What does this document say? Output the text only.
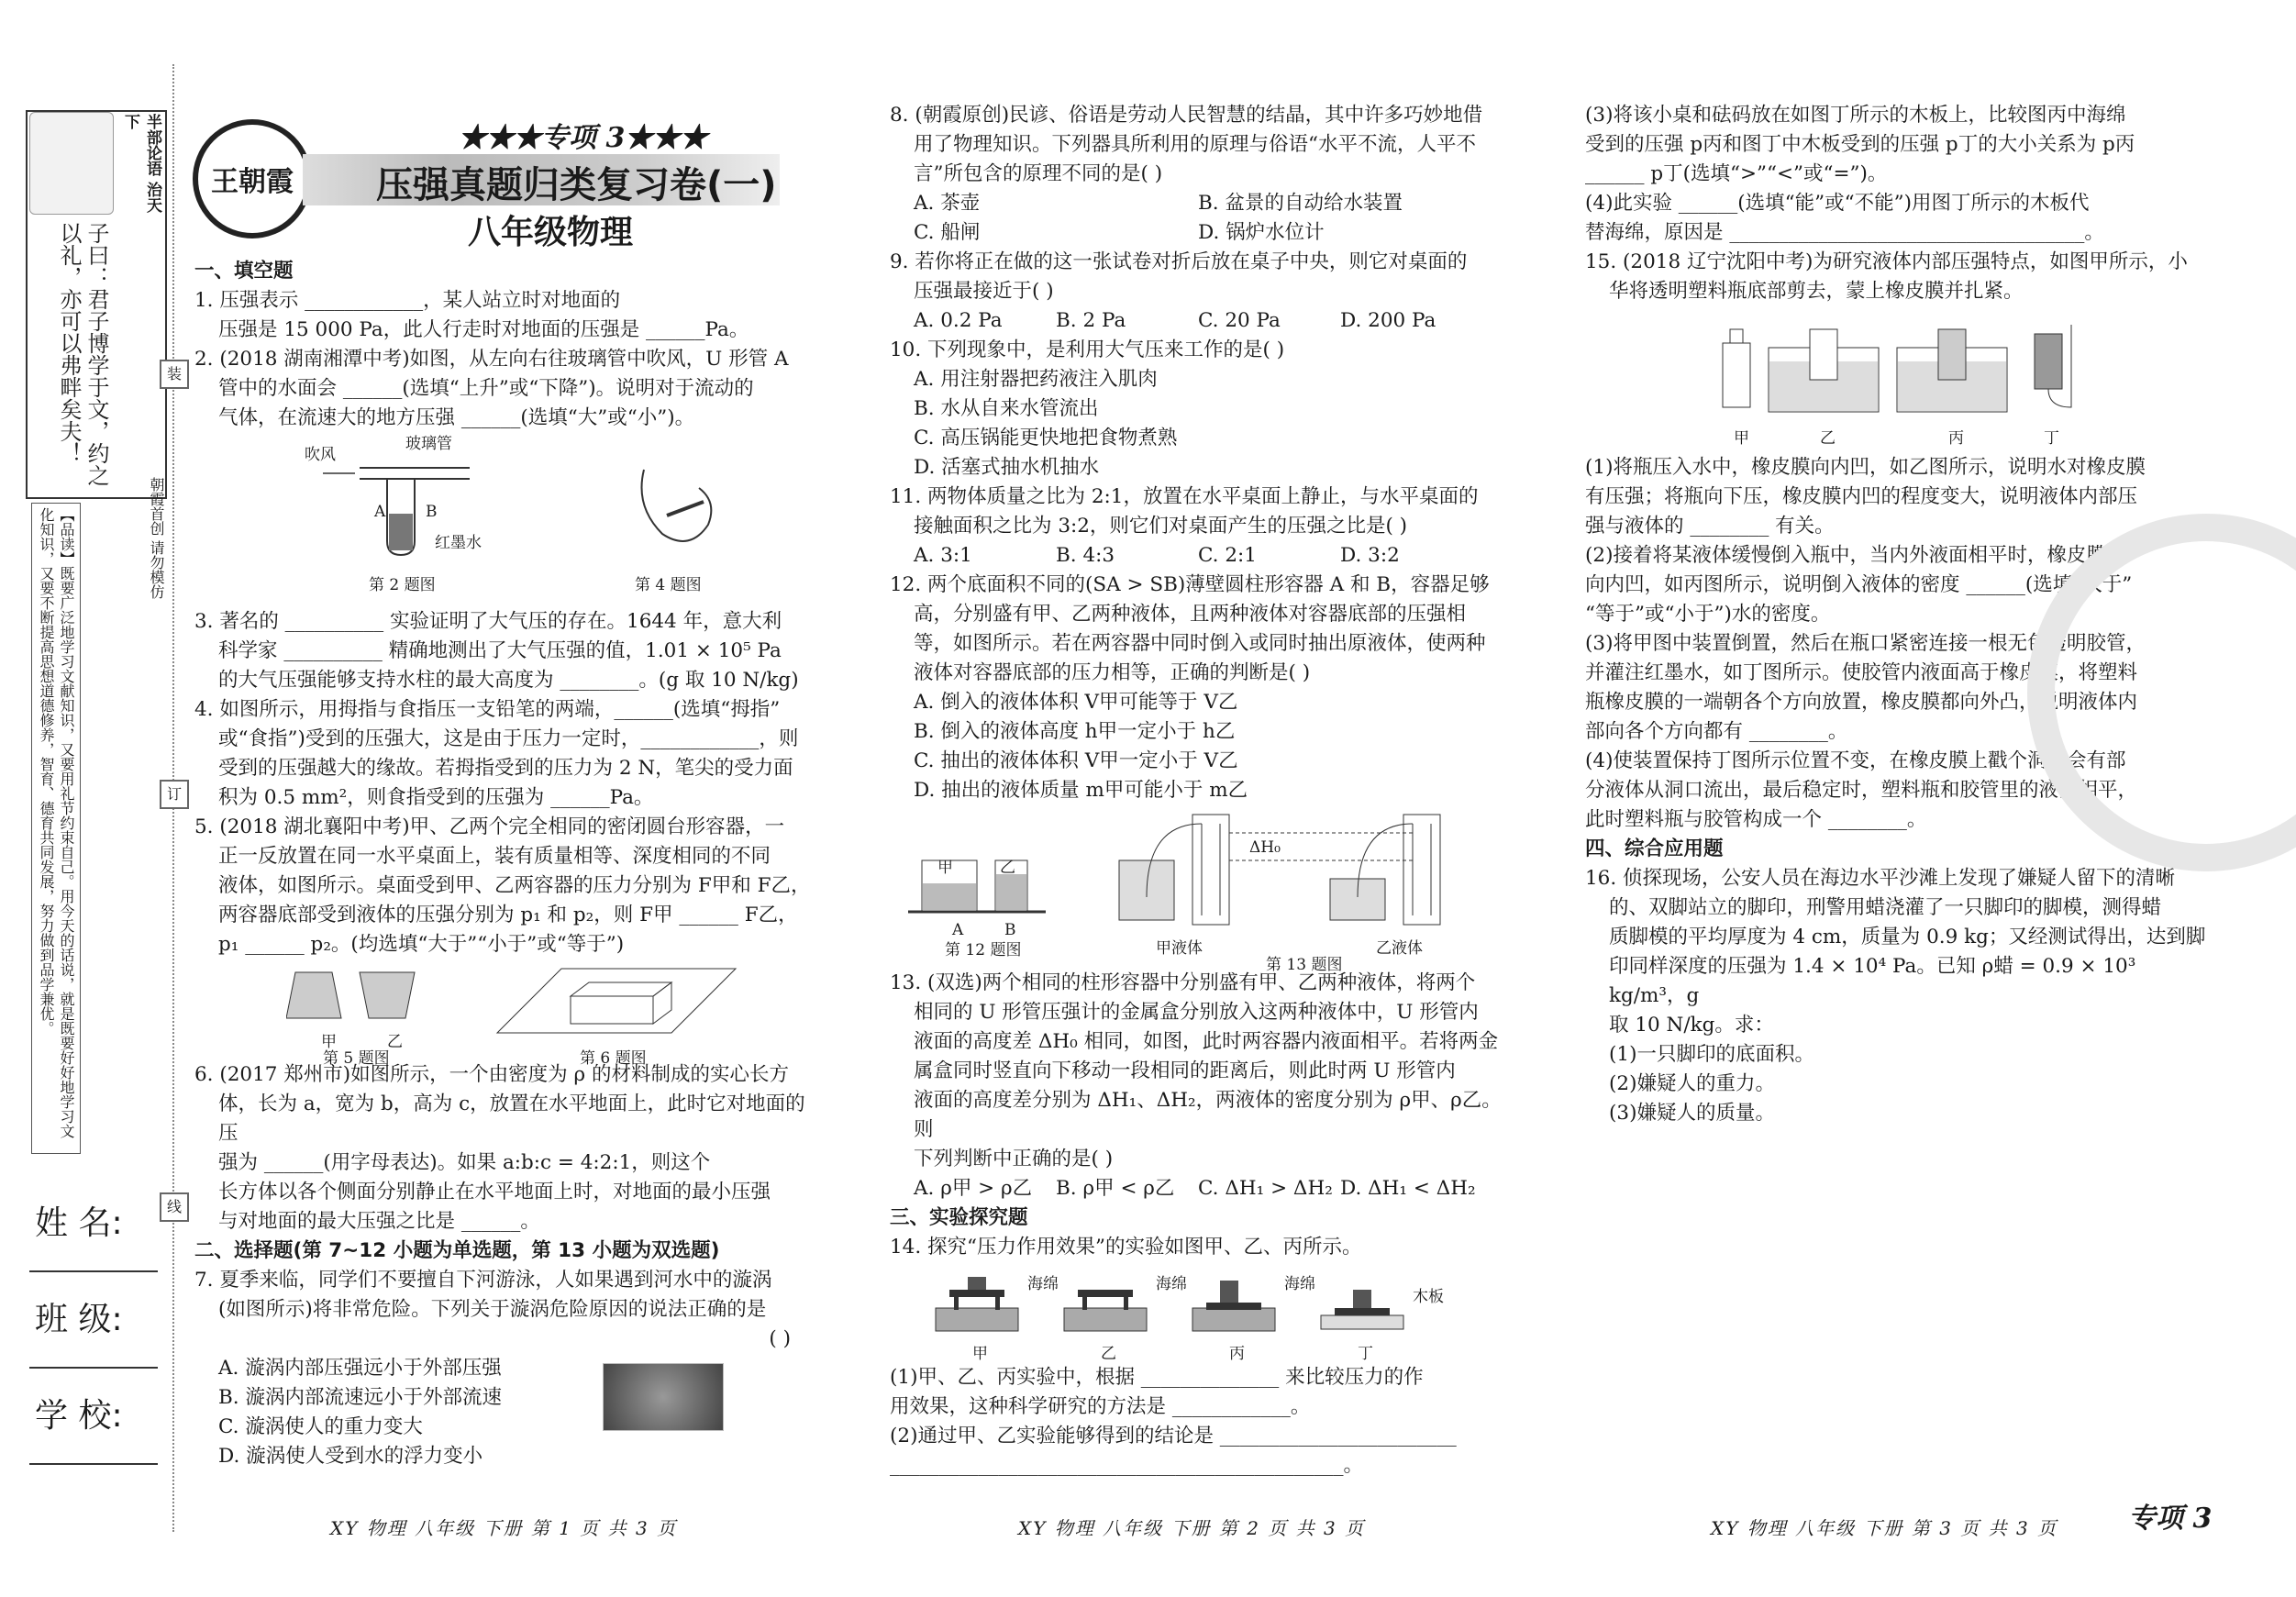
半部论语 治天下
子曰：君子博学于文，约之以礼，亦可以弗畔矣夫！
【品读】既要广泛地学习文献知识，又要用礼节约束自己。用今天的话说，就是既要好好地学习文化知识，又要不断提高思想道德修养，智育、德育共同发展，努力做到品学兼优。	朝霞首创 请勿模仿
装
订
线
姓 名:
班 级:
学 校:
王朝霞
★★★专项 3★★★
压强真题归类复习卷(一)
八年级物理

一、填空题

1. 压强表示 ____________，某人站立时对地面的

压强是 15 000 Pa，此人行走时对地面的压强是 ______Pa。

2. (2018 湖南湘潭中考)如图，从左向右往玻璃管中吹风，U 形管 A

管中的水面会 ______(选填“上升”或“下降”)。说明对于流动的

气体，在流速大的地方压强 ______(选填“大”或“小”)。

吹风
玻璃管
A	B
红墨水
第 2 题图	第 4 题图

3. 著名的 __________ 实验证明了大气压的存在。1644 年，意大利

科学家 __________ 精确地测出了大气压强的值，1.01 × 10⁵ Pa

的大气压强能够支持水柱的最大高度为 ________。(g 取 10 N/kg)

4. 如图所示，用拇指与食指压一支铅笔的两端，______(选填“拇指”

或“食指”)受到的压强大，这是由于压力一定时，____________，则

受到的压强越大的缘故。若拇指受到的压力为 2 N，笔尖的受力面

积为 0.5 mm²，则食指受到的压强为 ______Pa。

5. (2018 湖北襄阳中考)甲、乙两个完全相同的密闭圆台形容器，一

正一反放置在同一水平桌面上，装有质量相等、深度相同的不同

液体，如图所示。桌面受到甲、乙两容器的压力分别为 F甲和 F乙，

两容器底部受到液体的压强分别为 p₁ 和 p₂，则 F甲 ______ F乙，

p₁ ______ p₂。(均选填“大于”“小于”或“等于”)

甲	乙
第 5 题图	第 6 题图

6. (2017 郑州市)如图所示，一个由密度为 ρ 的材料制成的实心长方

体，长为 a，宽为 b，高为 c，放置在水平地面上，此时它对地面的压

强为 ______(用字母表达)。如果 a:b:c = 4:2:1，则这个

长方体以各个侧面分别静止在水平地面上时，对地面的最小压强

与对地面的最大压强之比是 ______。

二、选择题(第 7~12 小题为单选题，第 13 小题为双选题)

7. 夏季来临，同学们不要擅自下河游泳，人如果遇到河水中的漩涡

(如图所示)将非常危险。下列关于漩涡危险原因的说法正确的是

( )

A. 漩涡内部压强远小于外部压强

B. 漩涡内部流速远小于外部流速

C. 漩涡使人的重力变大

D. 漩涡使人受到水的浮力变小

8. (朝霞原创)民谚、俗语是劳动人民智慧的结晶，其中许多巧妙地借

用了物理知识。下列器具所利用的原理与俗语“水平不流，人平不

言”所包含的原理不同的是( )

A. 茶壶	B. 盆景的自动给水装置

C. 船闸	D. 锅炉水位计

9. 若你将正在做的这一张试卷对折后放在桌子中央，则它对桌面的

压强最接近于( )

A. 0.2 Pa	B. 2 Pa	C. 20 Pa	D. 200 Pa

10. 下列现象中，是利用大气压来工作的是( )

A. 用注射器把药液注入肌肉

B. 水从自来水管流出

C. 高压锅能更快地把食物煮熟

D. 活塞式抽水机抽水

11. 两物体质量之比为 2:1，放置在水平桌面上静止，与水平桌面的

接触面积之比为 3:2，则它们对桌面产生的压强之比是( )

A. 3:1	B. 4:3	C. 2:1	D. 3:2

12. 两个底面积不同的(SA > SB)薄壁圆柱形容器 A 和 B，容器足够

高，分别盛有甲、乙两种液体，且两种液体对容器底部的压强相

等，如图所示。若在两容器中同时倒入或同时抽出原液体，使两种

液体对容器底部的压力相等，正确的判断是( )

A. 倒入的液体体积 V甲可能等于 V乙

B. 倒入的液体高度 h甲一定小于 h乙

C. 抽出的液体体积 V甲一定小于 V乙

D. 抽出的液体质量 m甲可能小于 m乙

甲	乙
A	B
第 12 题图
ΔH₀
甲液体	乙液体
第 13 题图

13. (双选)两个相同的柱形容器中分别盛有甲、乙两种液体，将两个

相同的 U 形管压强计的金属盒分别放入这两种液体中，U 形管内

液面的高度差 ΔH₀ 相同，如图，此时两容器内液面相平。若将两金

属盒同时竖直向下移动一段相同的距离后，则此时两 U 形管内

液面的高度差分别为 ΔH₁、ΔH₂，两液体的密度分别为 ρ甲、ρ乙。则

下列判断中正确的是( )

A. ρ甲 > ρ乙 B. ρ甲 < ρ乙 C. ΔH₁ > ΔH₂ D. ΔH₁ < ΔH₂

三、实验探究题

14. 探究“压力作用效果”的实验如图甲、乙、丙所示。

海绵	海绵	海绵
木板
甲	乙	丙	丁

(1)甲、乙、丙实验中，根据 ______________ 来比较压力的作

用效果，这种科学研究的方法是 ____________。

(2)通过甲、乙实验能够得到的结论是 ________________________

______________________________________________。

(3)将该小桌和砝码放在如图丁所示的木板上，比较图丙中海绵

受到的压强 p丙和图丁中木板受到的压强 p丁的大小关系为 p丙

______ p丁(选填“>”“<”或“=”)。

(4)此实验 ______(选填“能”或“不能”)用图丁所示的木板代

替海绵，原因是 ____________________________________。

15. (2018 辽宁沈阳中考)为研究液体内部压强特点，如图甲所示，小

华将透明塑料瓶底部剪去，蒙上橡皮膜并扎紧。

甲	乙	丙	丁

(1)将瓶压入水中，橡皮膜向内凹，如乙图所示，说明水对橡皮膜

有压强；将瓶向下压，橡皮膜内凹的程度变大，说明液体内部压

强与液体的 ________ 有关。

(2)接着将某液体缓慢倒入瓶中，当内外液面相平时，橡皮膜仍

向内凹，如丙图所示，说明倒入液体的密度 ______(选填“大于”

“等于”或“小于”)水的密度。

(3)将甲图中装置倒置，然后在瓶口紧密连接一根无色透明胶管，

并灌注红墨水，如丁图所示。使胶管内液面高于橡皮膜，将塑料

瓶橡皮膜的一端朝各个方向放置，橡皮膜都向外凸，说明液体内

部向各个方向都有 ________。

(4)使装置保持丁图所示位置不变，在橡皮膜上戳个洞，会有部

分液体从洞口流出，最后稳定时，塑料瓶和胶管里的液面相平，

此时塑料瓶与胶管构成一个 ________。

四、综合应用题

16. 侦探现场，公安人员在海边水平沙滩上发现了嫌疑人留下的清晰

的、双脚站立的脚印，刑警用蜡浇灌了一只脚印的脚模，测得蜡

质脚模的平均厚度为 4 cm，质量为 0.9 kg；又经测试得出，达到脚

印同样深度的压强为 1.4 × 10⁴ Pa。已知 ρ蜡 = 0.9 × 10³ kg/m³，g

取 10 N/kg。求：

(1)一只脚印的底面积。

(2)嫌疑人的重力。

(3)嫌疑人的质量。

XY 物理 八年级 下册 第 1 页 共 3 页	XY 物理 八年级 下册 第 2 页 共 3 页	XY 物理 八年级 下册 第 3 页 共 3 页	专项 3
